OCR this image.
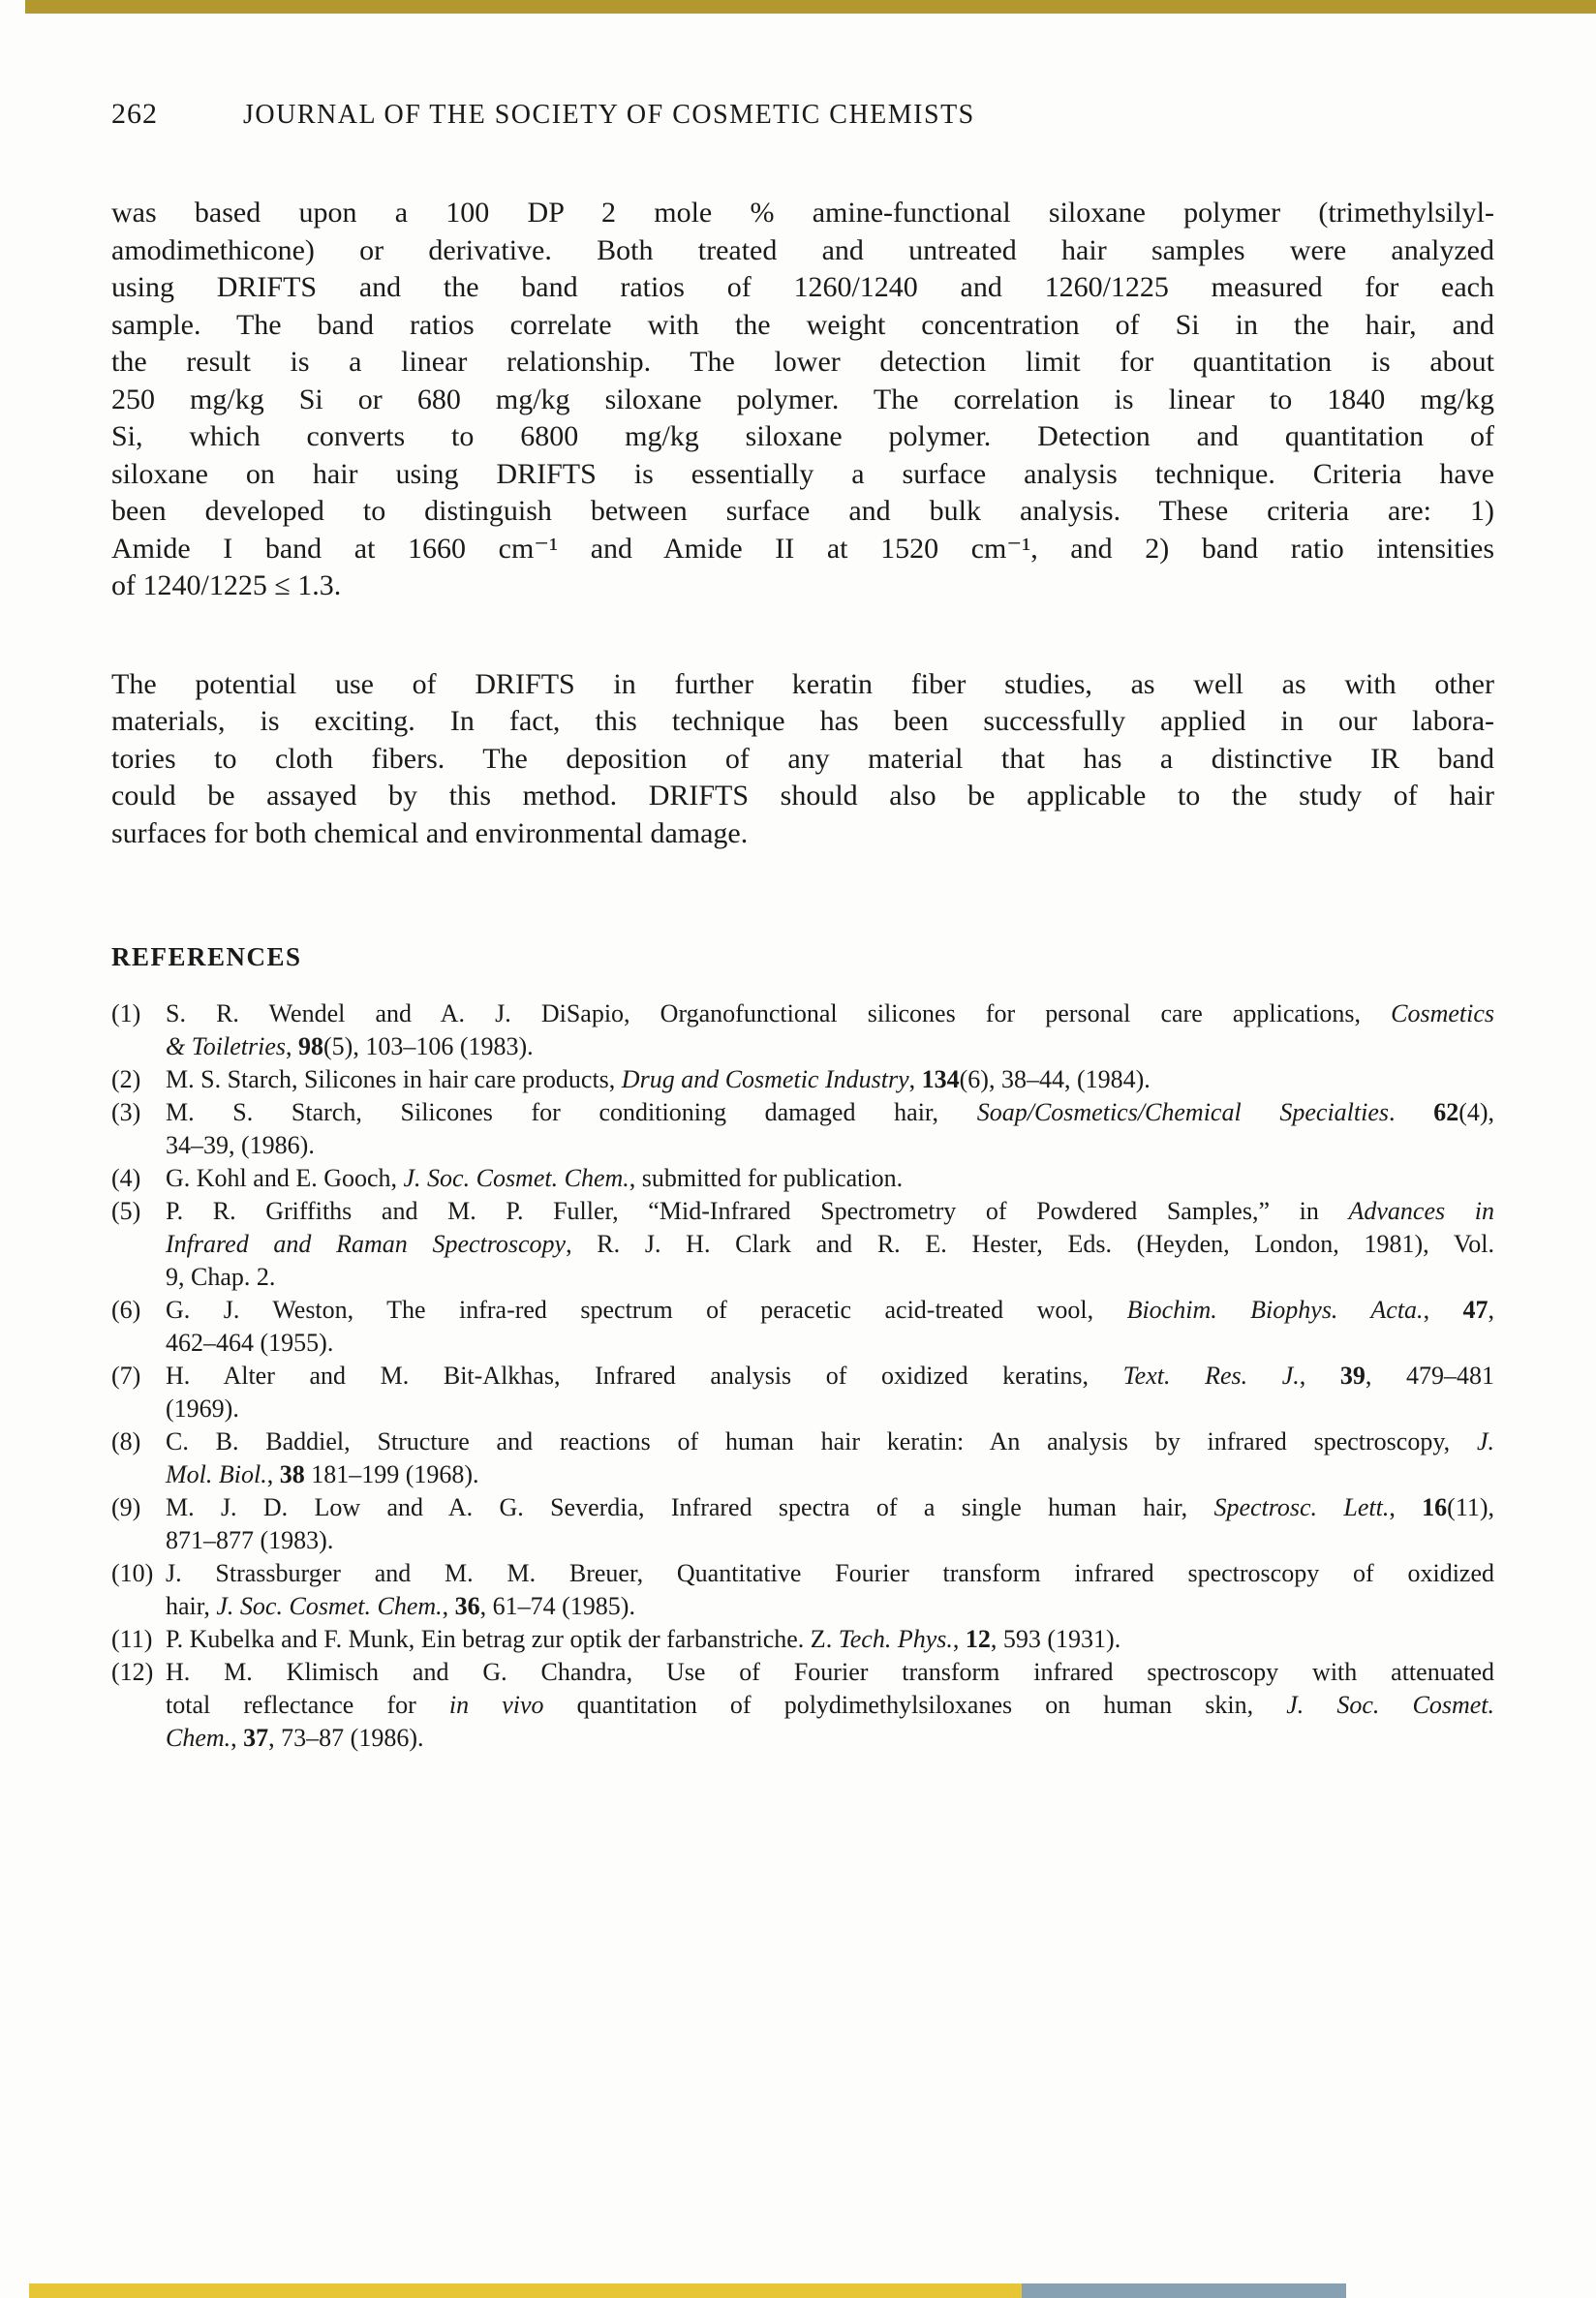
262	JOURNAL OF THE SOCIETY OF COSMETIC CHEMISTS
was based upon a 100 DP 2 mole % amine-functional siloxane polymer (trimethylsilyl-
amodimethicone) or derivative. Both treated and untreated hair samples were analyzed
using DRIFTS and the band ratios of 1260/1240 and 1260/1225 measured for each
sample. The band ratios correlate with the weight concentration of Si in the hair, and
the result is a linear relationship. The lower detection limit for quantitation is about
250 mg/kg Si or 680 mg/kg siloxane polymer. The correlation is linear to 1840 mg/kg
Si, which converts to 6800 mg/kg siloxane polymer. Detection and quantitation of
siloxane on hair using DRIFTS is essentially a surface analysis technique. Criteria have
been developed to distinguish between surface and bulk analysis. These criteria are: 1)
Amide I band at 1660 cm⁻¹ and Amide II at 1520 cm⁻¹, and 2) band ratio intensities
of 1240/1225 ≤ 1.3.
The potential use of DRIFTS in further keratin fiber studies, as well as with other
materials, is exciting. In fact, this technique has been successfully applied in our labora-
tories to cloth fibers. The deposition of any material that has a distinctive IR band
could be assayed by this method. DRIFTS should also be applicable to the study of hair
surfaces for both chemical and environmental damage.
REFERENCES
(1) S. R. Wendel and A. J. DiSapio, Organofunctional silicones for personal care applications, Cosmetics
& Toiletries, 98(5), 103–106 (1983).
(2) M. S. Starch, Silicones in hair care products, Drug and Cosmetic Industry, 134(6), 38–44, (1984).
(3) M. S. Starch, Silicones for conditioning damaged hair, Soap/Cosmetics/Chemical Specialties. 62(4),
34–39, (1986).
(4) G. Kohl and E. Gooch, J. Soc. Cosmet. Chem., submitted for publication.
(5) P. R. Griffiths and M. P. Fuller, “Mid-Infrared Spectrometry of Powdered Samples,” in Advances in
Infrared and Raman Spectroscopy, R. J. H. Clark and R. E. Hester, Eds. (Heyden, London, 1981), Vol.
9, Chap. 2.
(6) G. J. Weston, The infra-red spectrum of peracetic acid-treated wool, Biochim. Biophys. Acta., 47,
462–464 (1955).
(7) H. Alter and M. Bit-Alkhas, Infrared analysis of oxidized keratins, Text. Res. J., 39, 479–481
(1969).
(8) C. B. Baddiel, Structure and reactions of human hair keratin: An analysis by infrared spectroscopy, J.
Mol. Biol., 38 181–199 (1968).
(9) M. J. D. Low and A. G. Severdia, Infrared spectra of a single human hair, Spectrosc. Lett., 16(11),
871–877 (1983).
(10) J. Strassburger and M. M. Breuer, Quantitative Fourier transform infrared spectroscopy of oxidized
hair, J. Soc. Cosmet. Chem., 36, 61–74 (1985).
(11) P. Kubelka and F. Munk, Ein betrag zur optik der farbanstriche. Z. Tech. Phys., 12, 593 (1931).
(12) H. M. Klimisch and G. Chandra, Use of Fourier transform infrared spectroscopy with attenuated
total reflectance for in vivo quantitation of polydimethylsiloxanes on human skin, J. Soc. Cosmet.
Chem., 37, 73–87 (1986).
